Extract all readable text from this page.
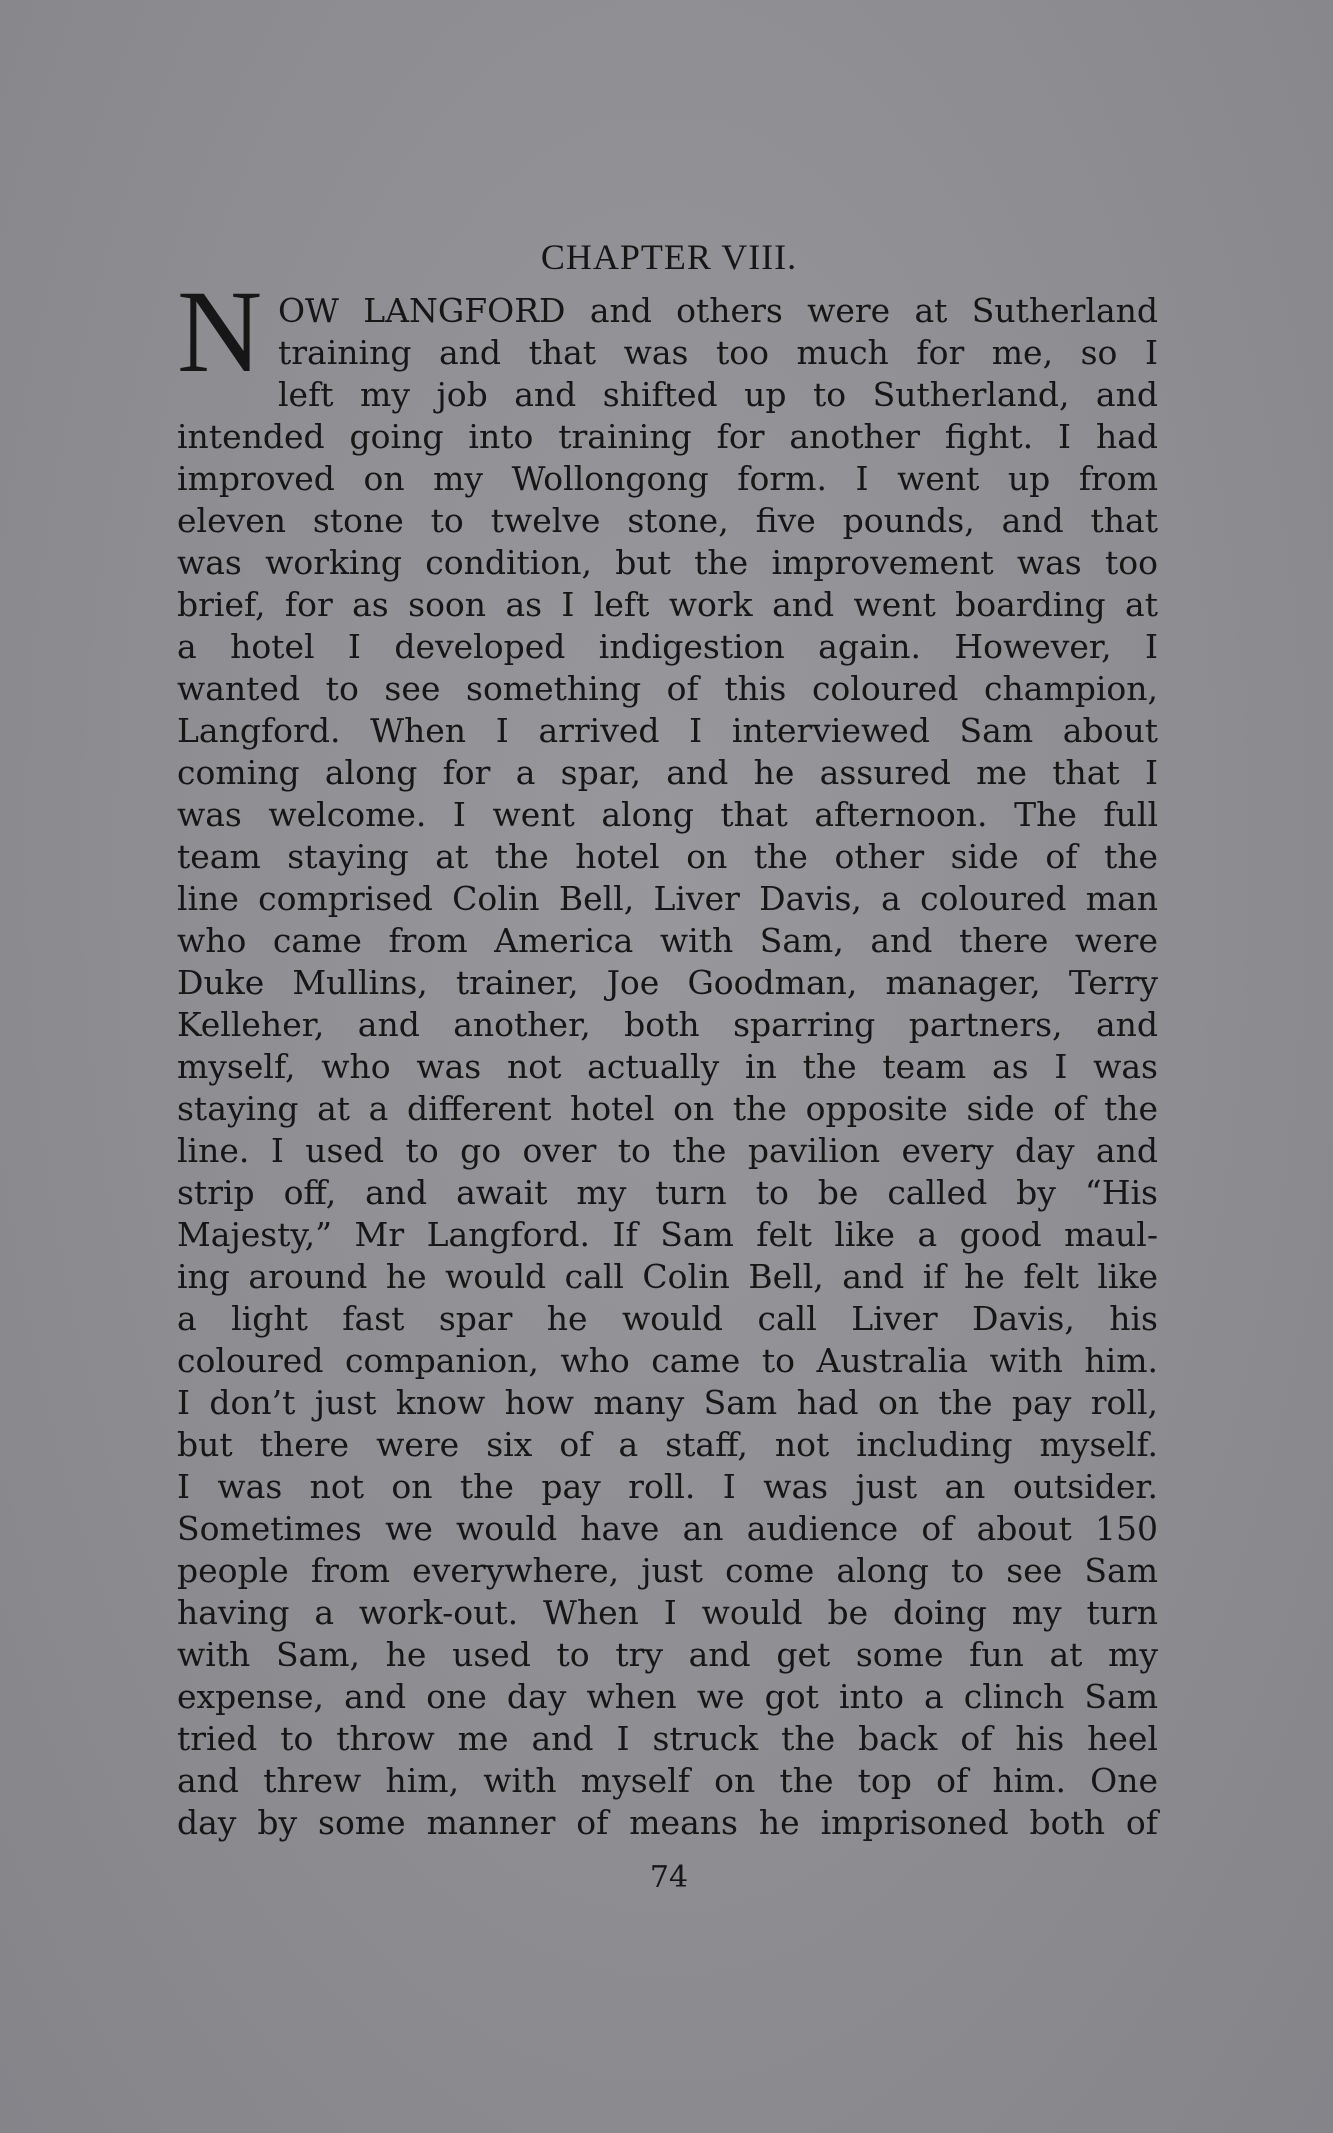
CHAPTER VIII.
N OW LANGFORD and others were at Sutherland
training and that was too much for me, so I
left my job and shifted up to Sutherland, and
intended going into training for another fight. I had
improved on my Wollongong form. I went up from
eleven stone to twelve stone, five pounds, and that
was working condition, but the improvement was too
brief, for as soon as I left work and went boarding at
a hotel I developed indigestion again. However, I
wanted to see something of this coloured champion,
Langford. When I arrived I interviewed Sam about
coming along for a spar, and he assured me that I
was welcome. I went along that afternoon. The full
team staying at the hotel on the other side of the
line comprised Colin Bell, Liver Davis, a coloured man
who came from America with Sam, and there were
Duke Mullins, trainer, Joe Goodman, manager, Terry
Kelleher, and another, both sparring partners, and
myself, who was not actually in the team as I was
staying at a different hotel on the opposite side of the
line. I used to go over to the pavilion every day and
strip off, and await my turn to be called by “His
Majesty,” Mr Langford. If Sam felt like a good maul-
ing around he would call Colin Bell, and if he felt like
a light fast spar he would call Liver Davis, his
coloured companion, who came to Australia with him.
I don’t just know how many Sam had on the pay roll,
but there were six of a staff, not including myself.
I was not on the pay roll. I was just an outsider.
Sometimes we would have an audience of about 150
people from everywhere, just come along to see Sam
having a work-out. When I would be doing my turn
with Sam, he used to try and get some fun at my
expense, and one day when we got into a clinch Sam
tried to throw me and I struck the back of his heel
and threw him, with myself on the top of him. One
day by some manner of means he imprisoned both of
74
